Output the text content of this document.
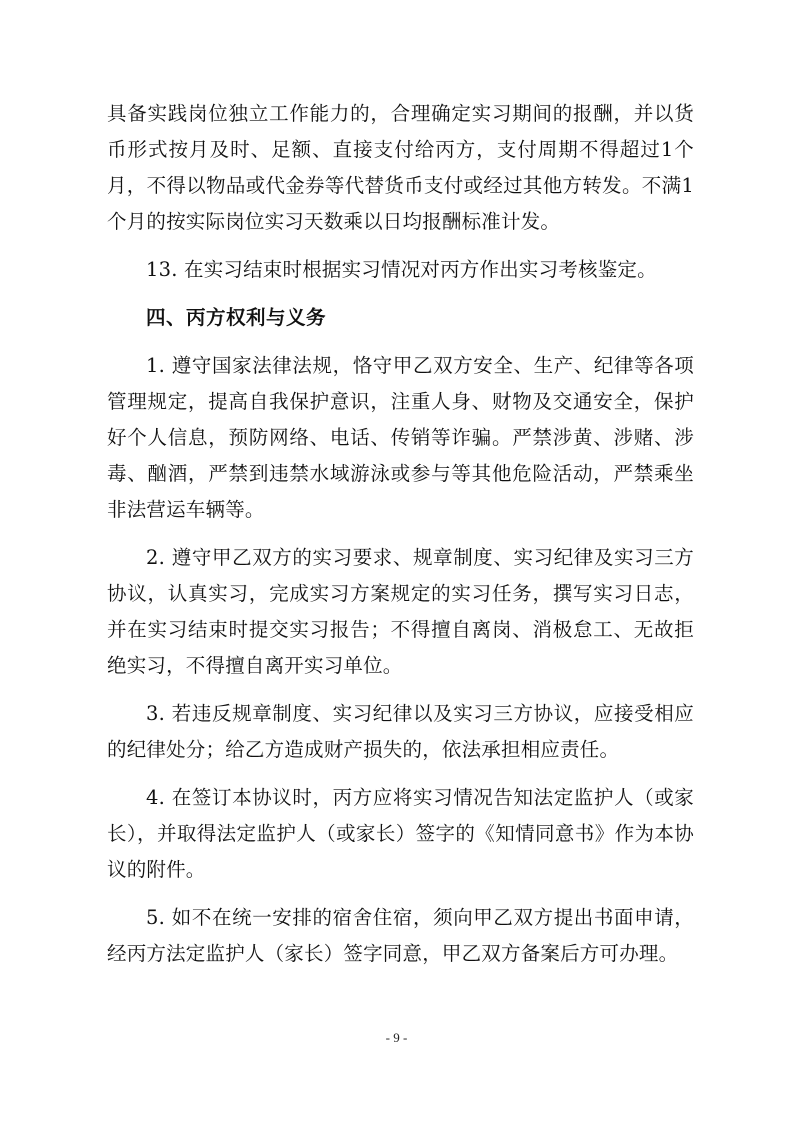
具备实践岗位独立工作能力的，合理确定实习期间的报酬，并以货币形式按月及时、足额、直接支付给丙方，支付周期不得超过1个月，不得以物品或代金券等代替货币支付或经过其他方转发。不满1个月的按实际岗位实习天数乘以日均报酬标准计发。

13. 在实习结束时根据实习情况对丙方作出实习考核鉴定。

四、丙方权利与义务

1. 遵守国家法律法规，恪守甲乙双方安全、生产、纪律等各项管理规定，提高自我保护意识，注重人身、财物及交通安全，保护好个人信息，预防网络、电话、传销等诈骗。严禁涉黄、涉赌、涉毒、酗酒，严禁到违禁水域游泳或参与等其他危险活动，严禁乘坐非法营运车辆等。

2. 遵守甲乙双方的实习要求、规章制度、实习纪律及实习三方协议，认真实习，完成实习方案规定的实习任务，撰写实习日志，并在实习结束时提交实习报告；不得擅自离岗、消极怠工、无故拒绝实习，不得擅自离开实习单位。

3. 若违反规章制度、实习纪律以及实习三方协议，应接受相应的纪律处分；给乙方造成财产损失的，依法承担相应责任。

4. 在签订本协议时，丙方应将实习情况告知法定监护人（或家长），并取得法定监护人（或家长）签字的《知情同意书》作为本协议的附件。

5. 如不在统一安排的宿舍住宿，须向甲乙双方提出书面申请，经丙方法定监护人（家长）签字同意，甲乙双方备案后方可办理。

- 9 -
